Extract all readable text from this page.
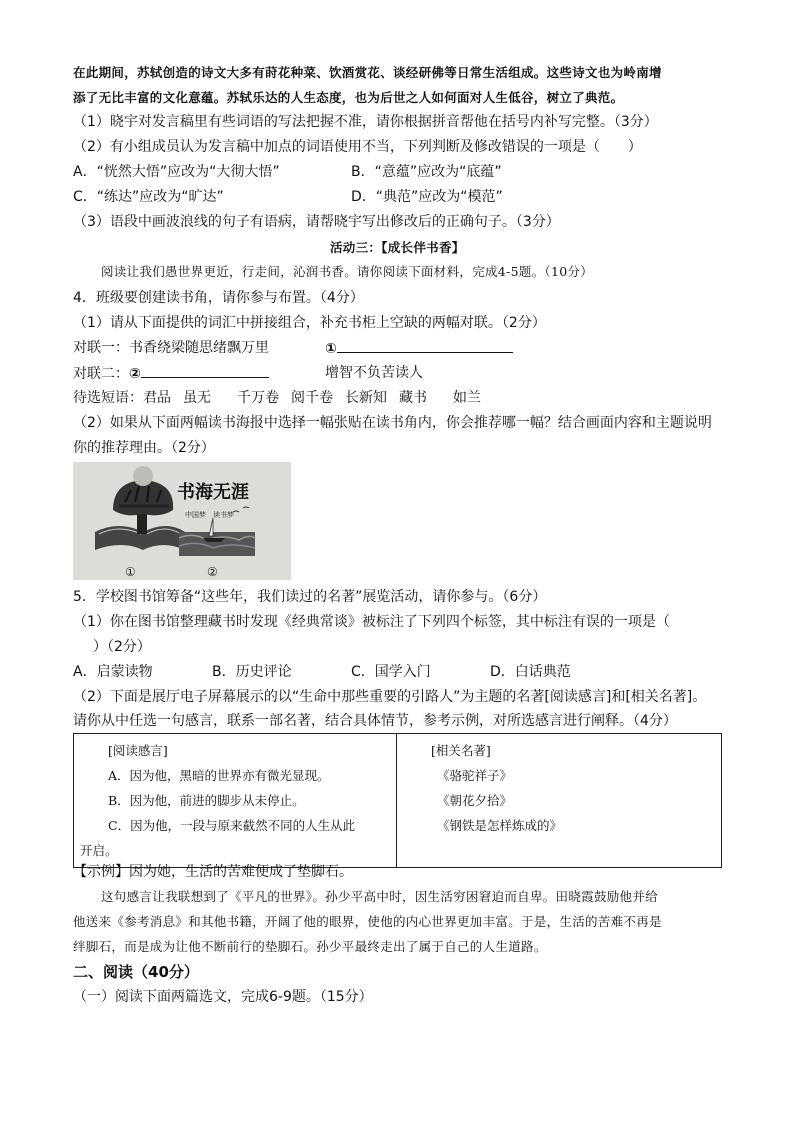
在此期间，苏轼创造的诗文大多有莳花种菜、饮酒赏花、谈经研佛等日常生活组成。这些诗文也为岭南增
添了无比丰富的文化意蕴。苏轼乐达的人生态度，也为后世之人如何面对人生低谷，树立了典范。
（1）晓宇对发言稿里有些词语的写法把握不准，请你根据拼音帮他在括号内补写完整。（3分）
（2）有小组成员认为发言稿中加点的词语使用不当，下列判断及修改错误的一项是（　　）
A．“恍然大悟”应改为“大彻大悟”	B．“意蕴”应改为“底蕴”
C．“练达”应改为“旷达”	D．“典范”应改为“模范”
（3）语段中画波浪线的句子有语病，请帮晓宇写出修改后的正确句子。（3分）
活动三：【成长伴书香】
阅读让我们愚世界更近，行走间，沁润书香。请你阅读下面材料，完成4-5题。（10分）
4．班级要创建读书角，请你参与布置。（4分）
（1）请从下面提供的词汇中拼接组合，补充书柜上空缺的两幅对联。（2分）
对联一：书香绕梁随思绪飘万里	①
对联二：②	增智不负苦读人
待选短语：君品 虽无 千万卷 阅千卷 长新知 藏书 如兰
（2）如果从下面两幅读书海报中选择一幅张贴在读书角内，你会推荐哪一幅？结合画面内容和主题说明
你的推荐理由。（2分）
①
书海无涯
中国梦　读书梦
②
5．学校图书馆筹备“这些年，我们读过的名著”展览活动，请你参与。（6分）
（1）你在图书馆整理藏书时发现《经典常谈》被标注了下列四个标签，其中标注有误的一项是（
）（2分）
A．启蒙读物	B．历史评论	C．国学入门	D．白话典范
（2）下面是展厅电子屏幕展示的以“生命中那些重要的引路人”为主题的名著[阅读感言]和[相关名著]。
请你从中任选一句感言，联系一部名著，结合具体情节，参考示例，对所选感言进行阐释。（4分）
[阅读感言]
A．因为他，黑暗的世界亦有微光显现。
B．因为他，前进的脚步从未停止。
C．因为他，一段与原来截然不同的人生从此
开启。

[相关名著]
《骆驼祥子》
《朝花夕拾》
《钢铁是怎样炼成的》
【示例】因为她，生活的苦难便成了垫脚石。
这句感言让我联想到了《平凡的世界》。孙少平高中时，因生活穷困窘迫而自卑。田晓霞鼓励他并给
他送来《参考消息》和其他书籍，开阔了他的眼界，使他的内心世界更加丰富。于是，生活的苦难不再是
绊脚石，而是成为让他不断前行的垫脚石。孙少平最终走出了属于自己的人生道路。
二、阅读（40分）
（一）阅读下面两篇选文，完成6-9题。（15分）
